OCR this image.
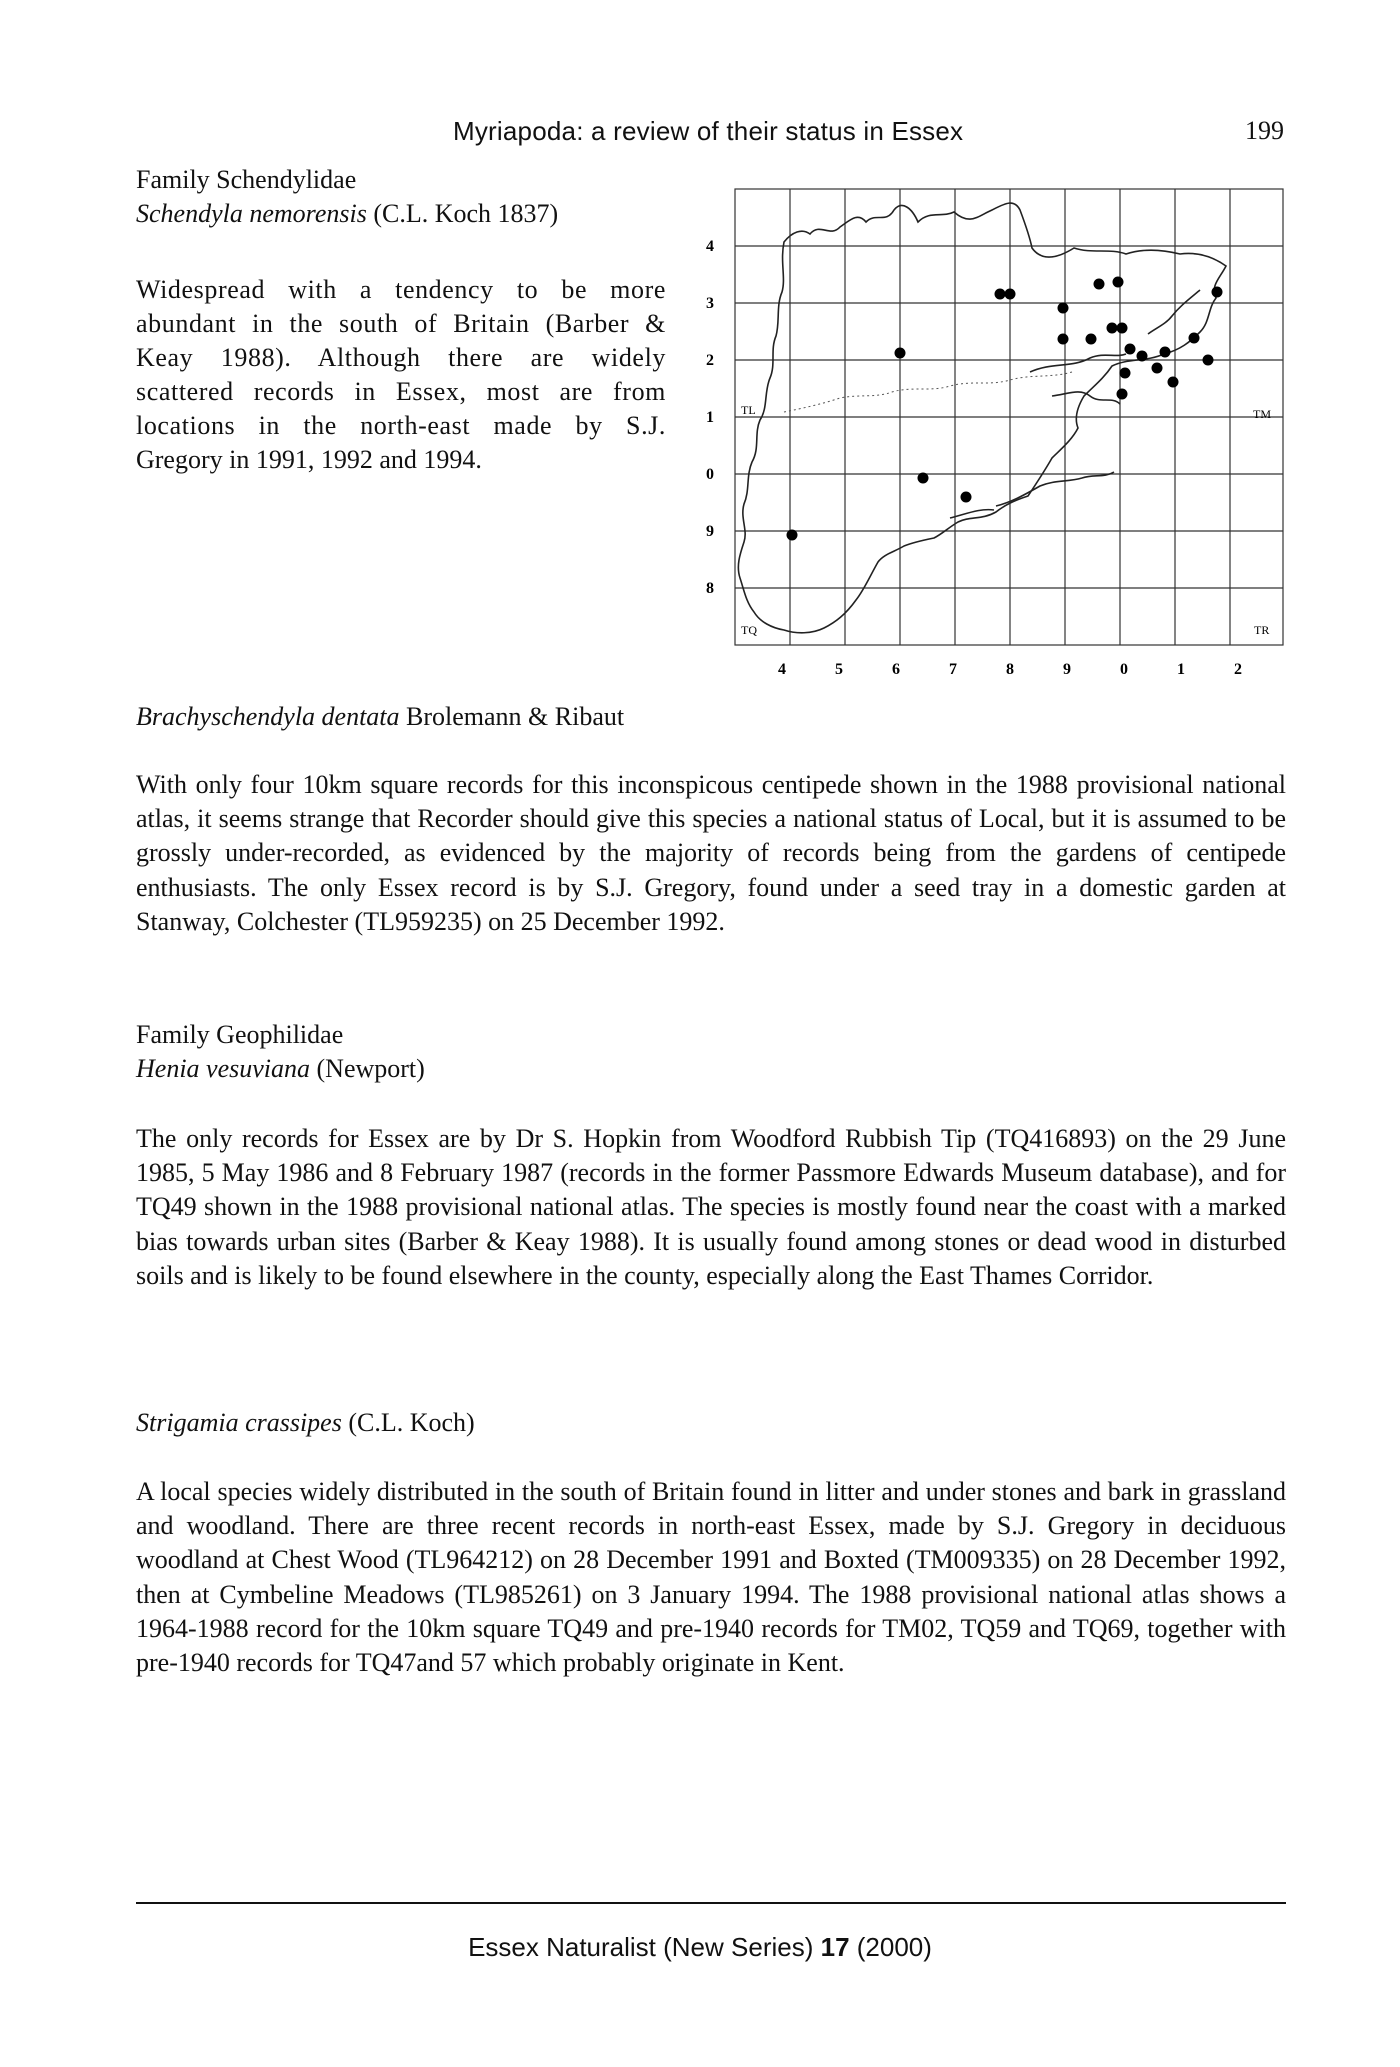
Myriapoda: a review of their status in Essex	199
Family Schendylidae
Schendyla nemorensis (C.L. Koch 1837)
Widespread with a tendency to be more
abundant in the south of Britain (Barber &
Keay 1988). Although there are widely
scattered records in Essex, most are from
locations in the north-east made by S.J.
Gregory in 1991, 1992 and 1994.
TL	TM
TQ	TR
4
3
2
1
0
9
8
4	5	6	7	8	9	0	1	2
Brachyschendyla dentata Brolemann & Ribaut
With only four 10km square records for this inconspicous centipede shown in the 1988 provisional national atlas, it seems strange that Recorder should give this species a national status of Local, but it is assumed to be grossly under-recorded, as evidenced by the majority of records being from the gardens of centipede enthusiasts. The only Essex record is by S.J. Gregory, found under a seed tray in a domestic garden at Stanway, Colchester (TL959235) on 25 December 1992.
Family Geophilidae
Henia vesuviana (Newport)
The only records for Essex are by Dr S. Hopkin from Woodford Rubbish Tip (TQ416893) on the 29 June 1985, 5 May 1986 and 8 February 1987 (records in the former Passmore Edwards Museum database), and for TQ49 shown in the 1988 provisional national atlas. The species is mostly found near the coast with a marked bias towards urban sites (Barber & Keay 1988). It is usually found among stones or dead wood in disturbed soils and is likely to be found elsewhere in the county, especially along the East Thames Corridor.
Strigamia crassipes (C.L. Koch)
A local species widely distributed in the south of Britain found in litter and under stones and bark in grassland and woodland. There are three recent records in north-east Essex, made by S.J. Gregory in deciduous woodland at Chest Wood (TL964212) on 28 December 1991 and Boxted (TM009335) on 28 December 1992, then at Cymbeline Meadows (TL985261) on 3 January 1994. The 1988 provisional national atlas shows a 1964-1988 record for the 10km square TQ49 and pre-1940 records for TM02, TQ59 and TQ69, together with pre-1940 records for TQ47and 57 which probably originate in Kent.
Essex Naturalist (New Series) 17 (2000)
